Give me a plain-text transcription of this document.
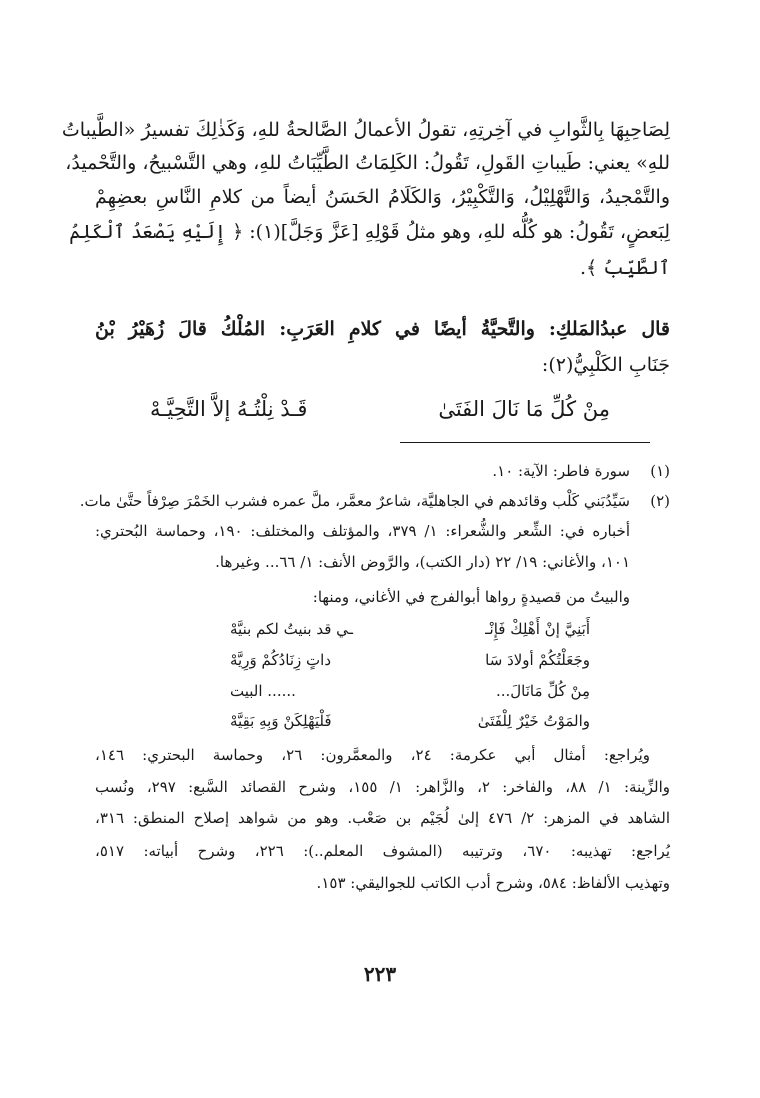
لِصَاحِبِهَا بِالثَّوابِ في آخِرتِهِ، تقولُ الأعمالُ الصَّالحةُ للهِ، وَكَذٰلِكَ تفسيرُ «الطَّيباتُ
للهِ» يعني: طَيباتِ القَولِ، تَقُولُ: الكَلِمَاتُ الطَّيِّبَاتُ للهِ، وهي التَّسْبيحُ، والتَّحْميدُ،
والتَّمْجيدُ، وَالتَّهْلِيْلُ، وَالتَّكْبِيْرُ، وَالكَلَامُ الحَسَنُ أيضاً من كلامِ النَّاسِ بعضِهِمْ
لِبَعضٍ، تَقُولُ: هو كُلُّه للهِ، وهو مثلُ قَوْلِهِ [عَزَّ وَجَلَّ](١): ﴿ إِلَيْهِ يَصْعَدُ ٱلْكَلِمُ
ٱلطَّيِّبُ ﴾.
قال عبدُالمَلكِ: والتَّحيَّةُ أيضًا في كلامِ العَرَبِ: المُلْكُ قالَ زُهَيْرُ بْنُ
جَنَابِ الكَلْبِيُّ(٢):
مِنْ كُلِّ مَا نَالَ الفَتَىٰ
قَـدْ نِلْتُـهُ إلاَّ التَّحِيَّـهْ
(١)
سورة فاطر: الآية: ١٠.
(٢)
سَيِّدُبَني كَلْب وقائدهم في الجاهليَّة، شاعرٌ معمَّر، ملَّ عمره فشرب الخَمْرَ صِرْفاً حتَّىٰ مات.
أخباره في: الشِّعر والشُّعراء: ١/ ٣٧٩، والمؤتلف والمختلف: ١٩٠، وحماسة البُحتري:
١٠١، والأغاني: ١٩/ ٢٢ (دار الكتب)، والرَّوض الأنف: ١/ ٦٦... وغيرها.
والبيتُ من قصيدةٍ رواها أبوالفرج في الأغاني، ومنها:
أَبَنِيَّ إنْ أَهْلِكْ فَإِنْـ
ـي قد بنيتُ لكم بنيَّهْ
وجَعَلْتُكُمْ أولادَ سَا
داتٍ زِنَادُكُمْ وَرِيَّهْ
مِنْ كُلِّ مَانَالَ...
...... البيت
والمَوْتُ خَيْرٌ لِلْفَتَىٰ
فَلْيَهْلِكَنْ وَبِهِ بَقِيَّهْ
ويُراجع: أمثال أبي عكرمة: ٢٤، والمعمَّرون: ٢٦، وحماسة البحتري: ١٤٦،
والزِّينة: ١/ ٨٨، والفاخر: ٢، والزَّاهر: ١/ ١٥٥، وشرح القصائد السَّبع: ٢٩٧، ونُسب
الشاهد في المزهر: ٢/ ٤٧٦ إلىٰ لُجَيْم بن صَعْب. وهو من شواهد إصلاح المنطق: ٣١٦،
يُراجع: تهذيبه: ٦٧٠، وترتيبه (المشوف المعلم..): ٢٢٦، وشرح أبياته: ٥١٧،
وتهذيب الألفاظ: ٥٨٤، وشرح أدب الكاتب للجواليقي: ١٥٣.
٢٢٣
